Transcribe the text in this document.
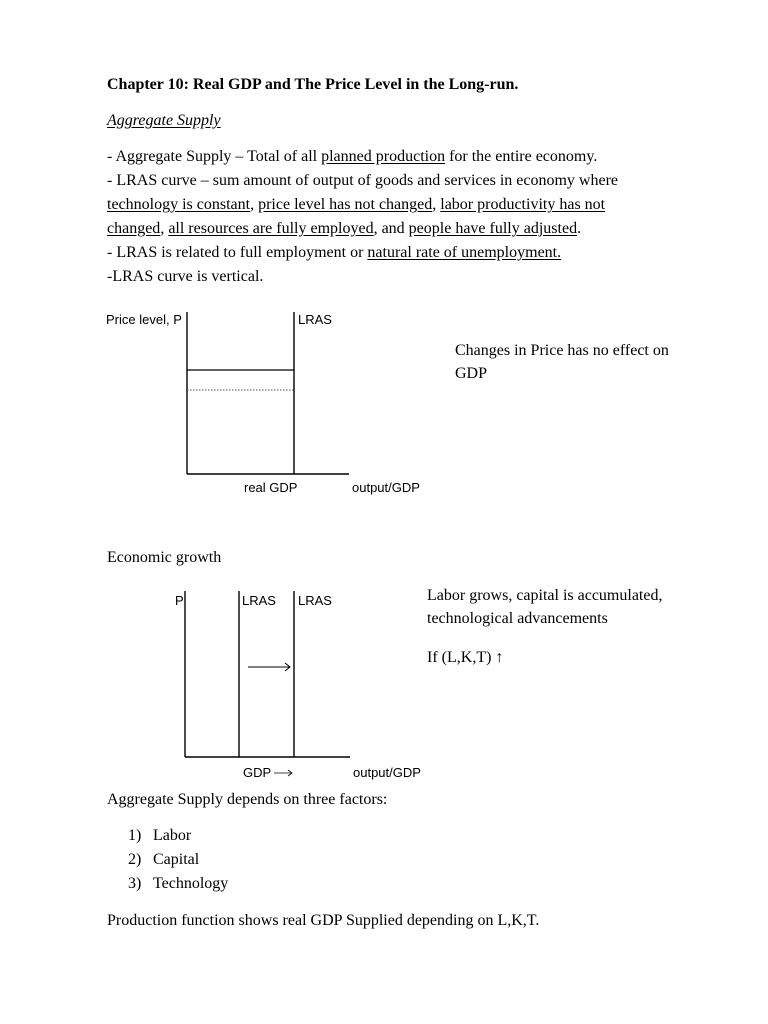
Chapter 10: Real GDP and The Price Level in the Long-run.
Aggregate Supply
- Aggregate Supply – Total of all planned production for the entire economy.
- LRAS curve – sum amount of output of goods and services in economy where
technology is constant, price level has not changed, labor productivity has not
changed, all resources are fully employed, and people have fully adjusted.
- LRAS is related to full employment or natural rate of unemployment.
-LRAS curve is vertical.
Price level, P	LRAS
real GDP	output/GDP
Changes in Price has no effect on
GDP
Economic growth
P	LRAS LRAS
GDP	output/GDP
Labor grows, capital is accumulated,
technological advancements
If (L,K,T) ↑
Aggregate Supply depends on three factors:
1) Labor
2) Capital
3) Technology
Production function shows real GDP Supplied depending on L,K,T.
